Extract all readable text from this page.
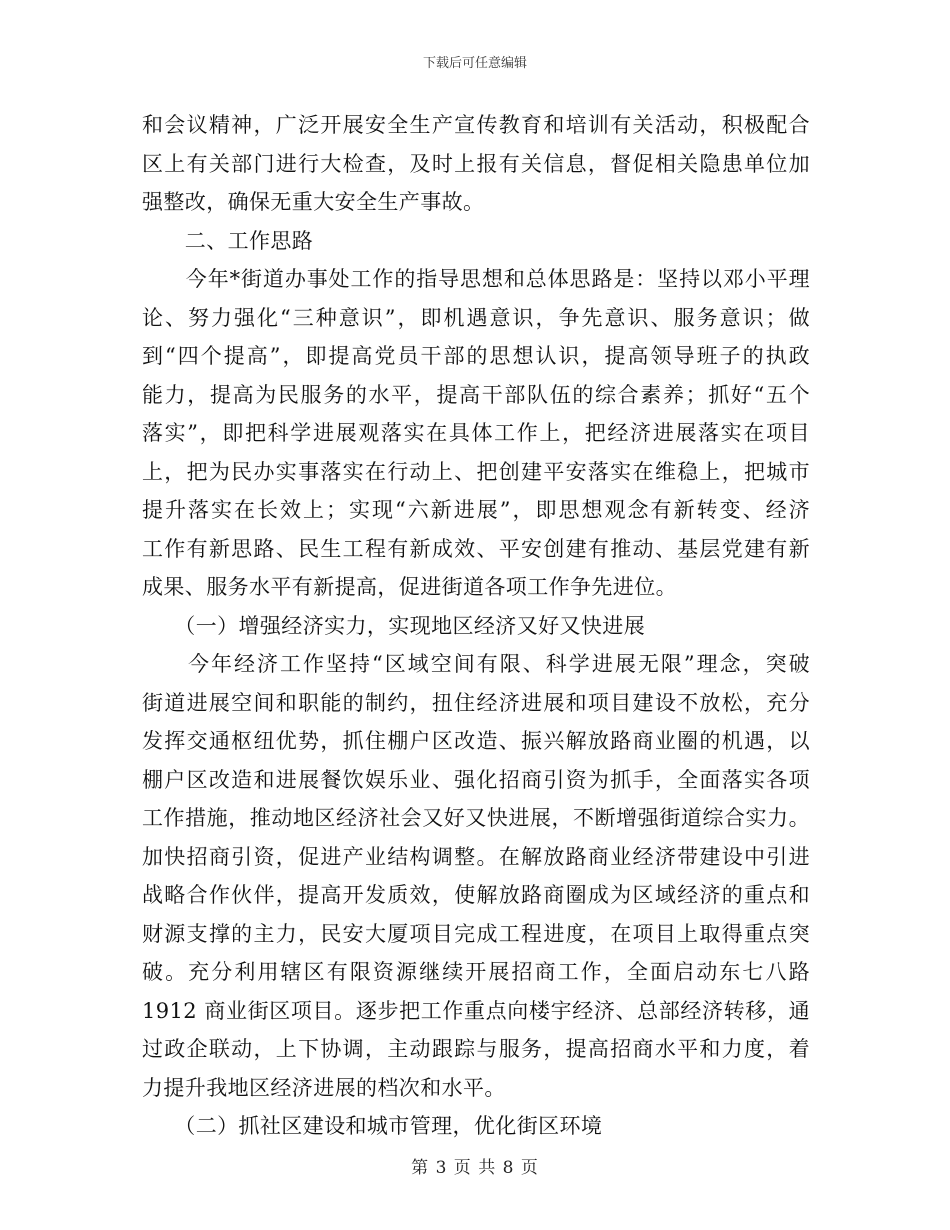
下载后可任意编辑

和会议精神，广泛开展安全生产宣传教育和培训有关活动，积极配合
区上有关部门进行大检查，及时上报有关信息，督促相关隐患单位加
强整改，确保无重大安全生产事故。

　　二、工作思路

　　今年*街道办事处工作的指导思想和总体思路是：坚持以邓小平理
论、努力强化“三种意识”，即机遇意识，争先意识、服务意识；做
到“四个提高”，即提高党员干部的思想认识，提高领导班子的执政
能力，提高为民服务的水平，提高干部队伍的综合素养；抓好“五个
落实”，即把科学进展观落实在具体工作上，把经济进展落实在项目
上，把为民办实事落实在行动上、把创建平安落实在维稳上，把城市
提升落实在长效上；实现“六新进展”，即思想观念有新转变、经济
工作有新思路、民生工程有新成效、平安创建有推动、基层党建有新
成果、服务水平有新提高，促进街道各项工作争先进位。

　　（一）增强经济实力，实现地区经济又好又快进展

　　今年经济工作坚持“区域空间有限、科学进展无限”理念，突破
街道进展空间和职能的制约，扭住经济进展和项目建设不放松，充分
发挥交通枢纽优势，抓住棚户区改造、振兴解放路商业圈的机遇，以
棚户区改造和进展餐饮娱乐业、强化招商引资为抓手，全面落实各项
工作措施，推动地区经济社会又好又快进展，不断增强街道综合实力。
加快招商引资，促进产业结构调整。在解放路商业经济带建设中引进
战略合作伙伴，提高开发质效，使解放路商圈成为区域经济的重点和
财源支撑的主力，民安大厦项目完成工程进度，在项目上取得重点突
破。充分利用辖区有限资源继续开展招商工作，全面启动东七八路
1912 商业街区项目。逐步把工作重点向楼宇经济、总部经济转移，通
过政企联动，上下协调，主动跟踪与服务，提高招商水平和力度，着
力提升我地区经济进展的档次和水平。

　　（二）抓社区建设和城市管理，优化街区环境

第 3 页 共 8 页
